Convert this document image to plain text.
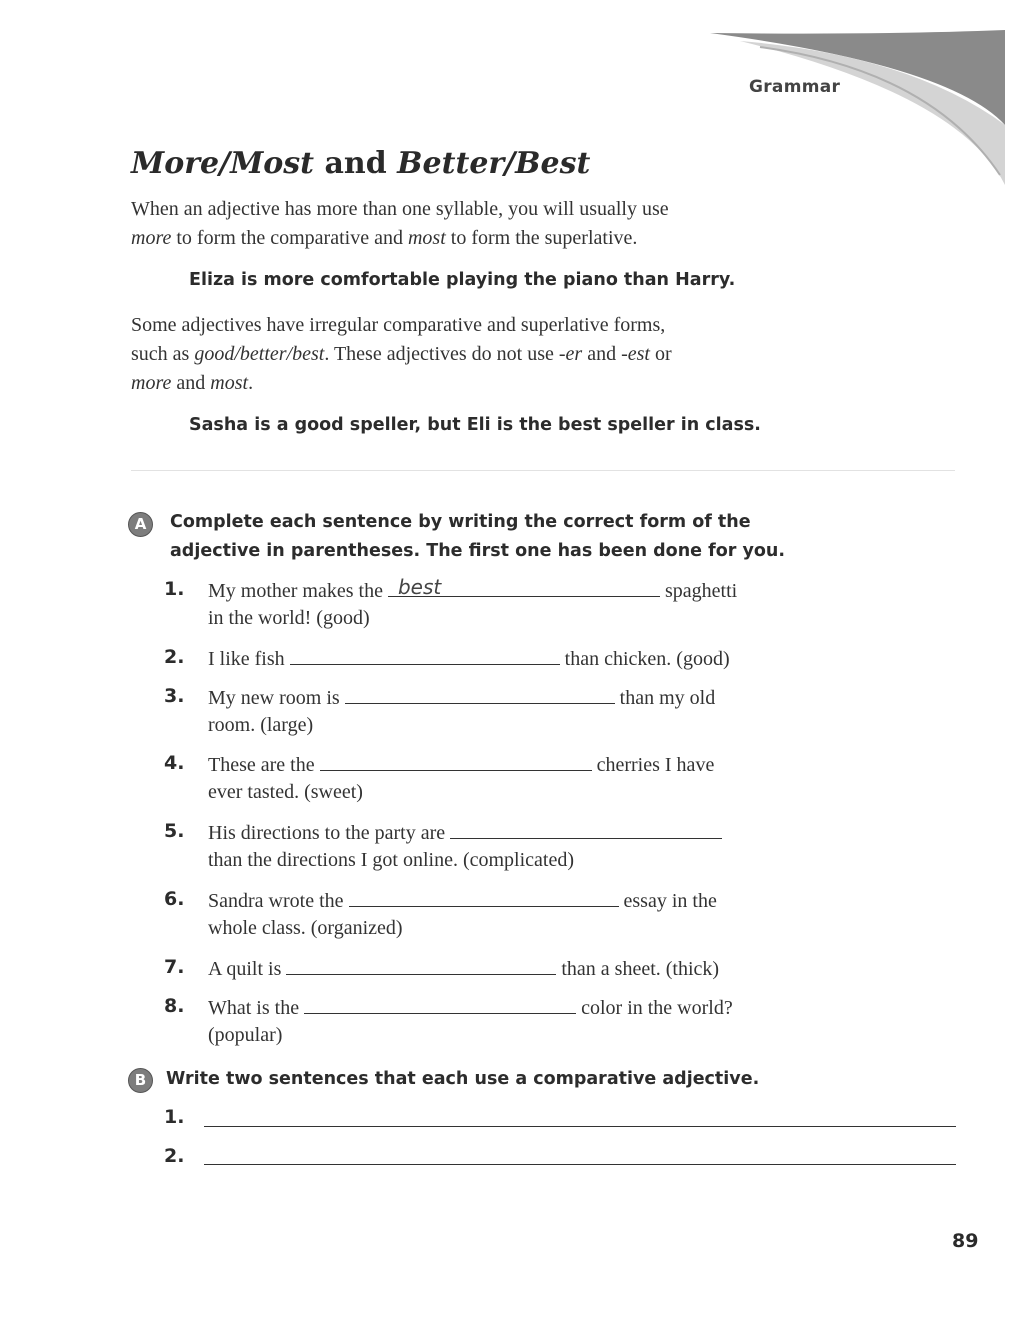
Grammar
More/Most and Better/Best

When an adjective has more than one syllable, you will usually use
more to form the comparative and most to form the superlative.

Eliza is more comfortable playing the piano than Harry.

Some adjectives have irregular comparative and superlative forms,
such as good/better/best. These adjectives do not use -er and -est or
more and most.

Sasha is a good speller, but Eli is the best speller in class.
A	Complete each sentence by writing the correct form of the
adjective in parentheses. The first one has been done for you.

1. My mother makes the best	spaghetti
in the world! (good)
2. I like fish	than chicken. (good)
3. My new room is	than my old
room. (large)
4. These are the	cherries I have
ever tasted. (sweet)
5. His directions to the party are
than the directions I got online. (complicated)
6. Sandra wrote the	essay in the
whole class. (organized)
7. A quilt is	than a sheet. (thick)
8. What is the	color in the world?
(popular)
B	Write two sentences that each use a comparative adjective.

1.
2.
89
